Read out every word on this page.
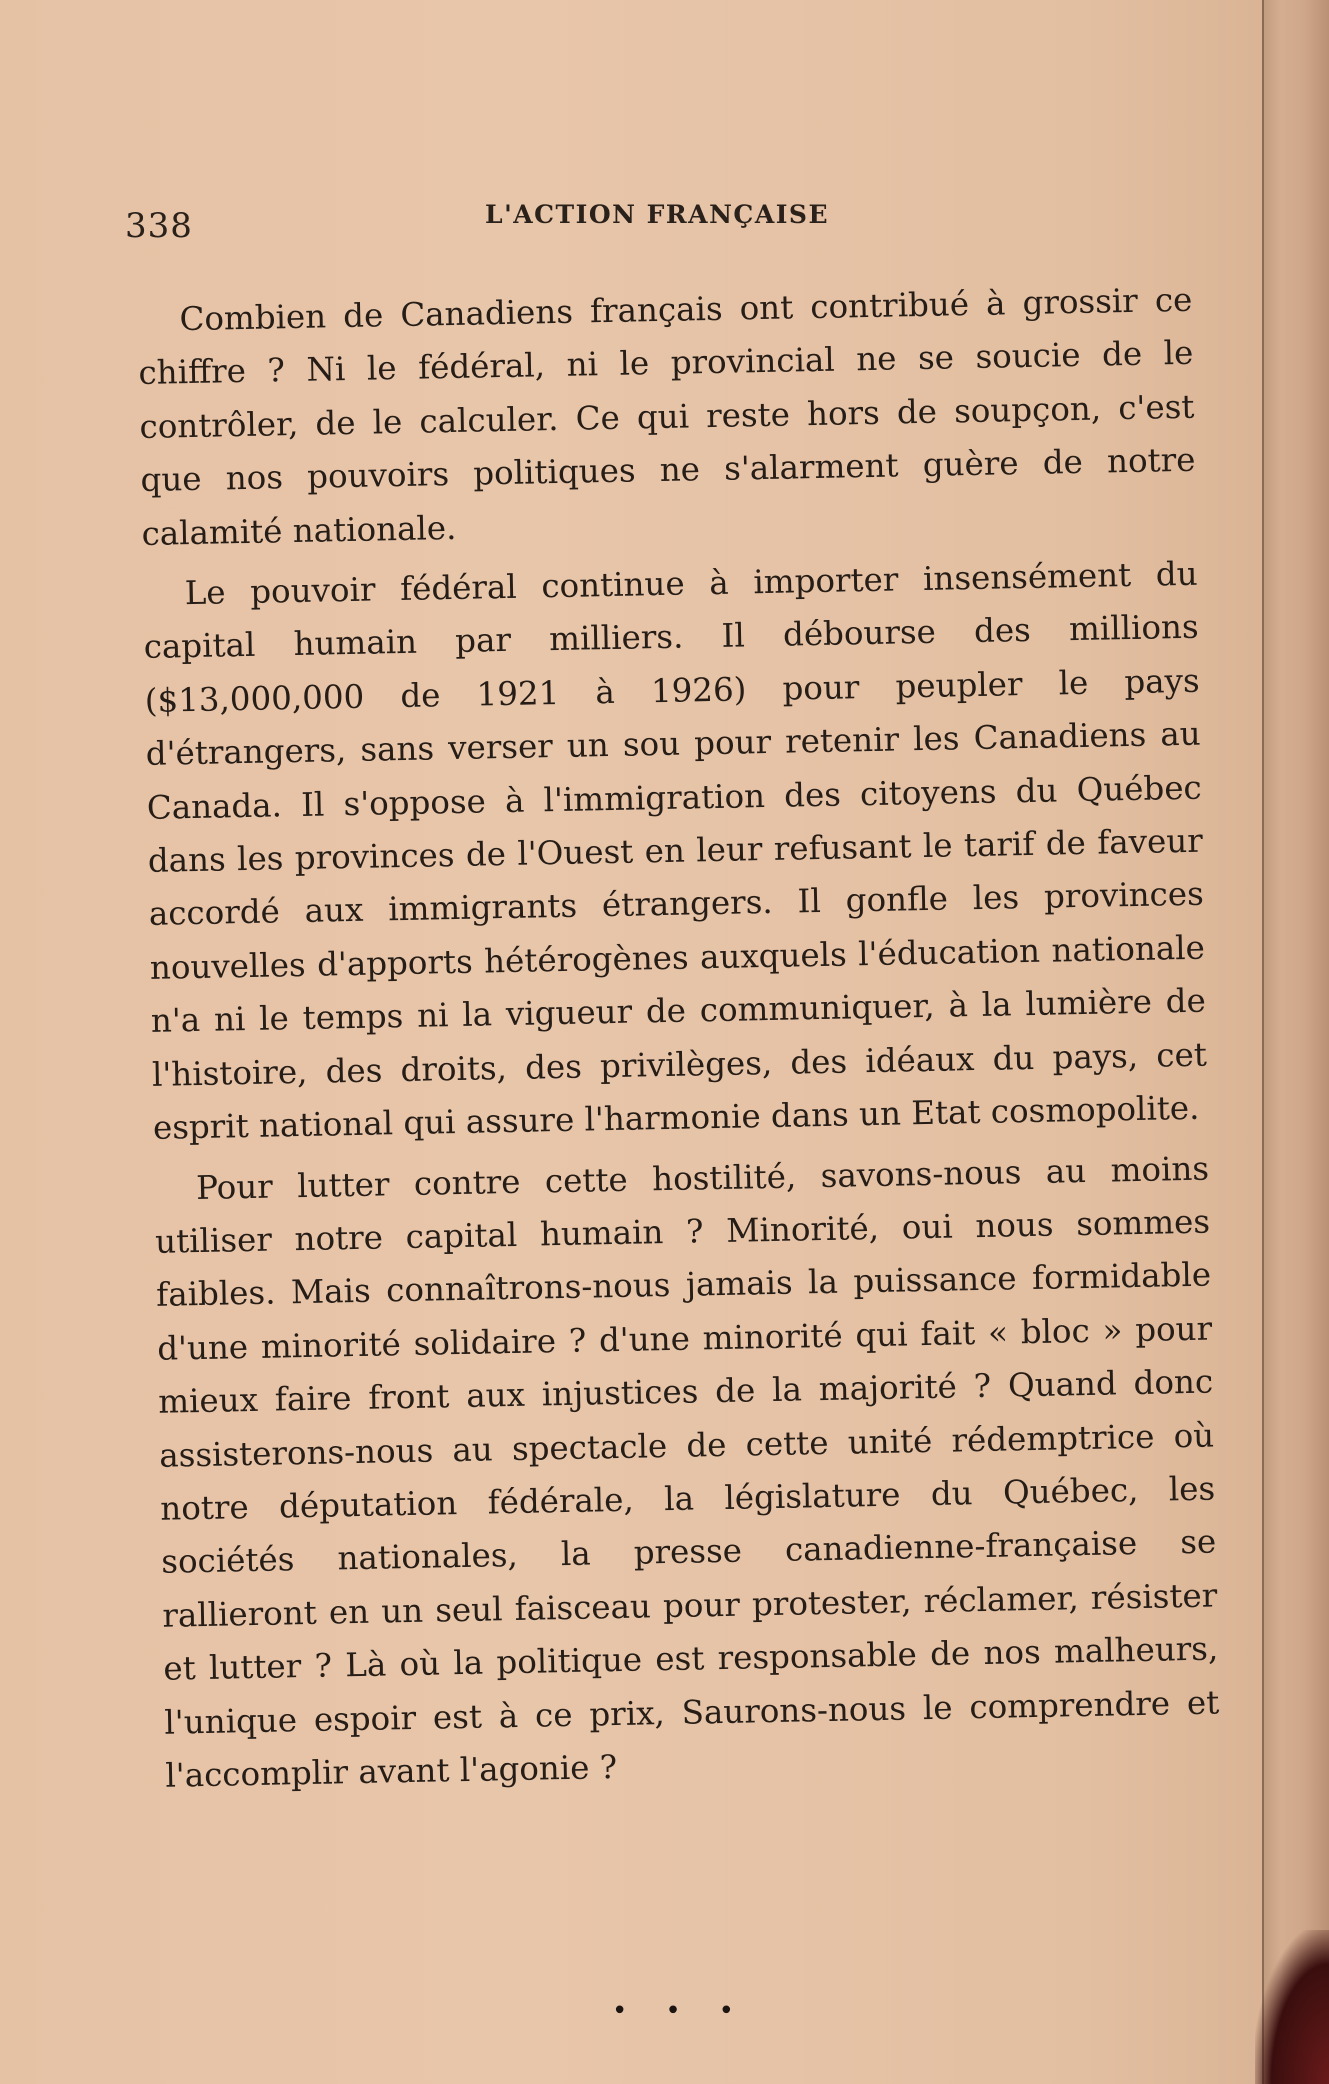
338	L'ACTION FRANÇAISE

Combien de Canadiens français ont contribué à grossir ce chiffre ? Ni le fédéral, ni le provincial ne se soucie de le contrôler, de le calculer. Ce qui reste hors de soupçon, c'est que nos pouvoirs politiques ne s'alarment guère de notre calamité nationale.

Le pouvoir fédéral continue à importer insensément du capital humain par milliers. Il débourse des millions ($13,000,000 de 1921 à 1926) pour peupler le pays d'étrangers, sans verser un sou pour retenir les Canadiens au Canada. Il s'oppose à l'immigration des citoyens du Québec dans les provinces de l'Ouest en leur refusant le tarif de faveur accordé aux immigrants étrangers. Il gonfle les provinces nouvelles d'apports hétérogènes auxquels l'éducation nationale n'a ni le temps ni la vigueur de communiquer, à la lumière de l'histoire, des droits, des privilèges, des idéaux du pays, cet esprit national qui assure l'harmonie dans un Etat cosmopolite.

Pour lutter contre cette hostilité, savons-nous au moins utiliser notre capital humain ? Minorité, oui nous sommes faibles. Mais connaîtrons-nous jamais la puissance formidable d'une minorité solidaire ? d'une minorité qui fait « bloc » pour mieux faire front aux injustices de la majorité ? Quand donc assisterons-nous au spectacle de cette unité rédemptrice où notre députation fédérale, la législature du Québec, les sociétés nationales, la presse canadienne-française se rallieront en un seul faisceau pour protester, réclamer, résister et lutter ? Là où la politique est responsable de nos malheurs, l'unique espoir est à ce prix, Saurons-nous le comprendre et l'accomplir avant l'agonie ?

•••
